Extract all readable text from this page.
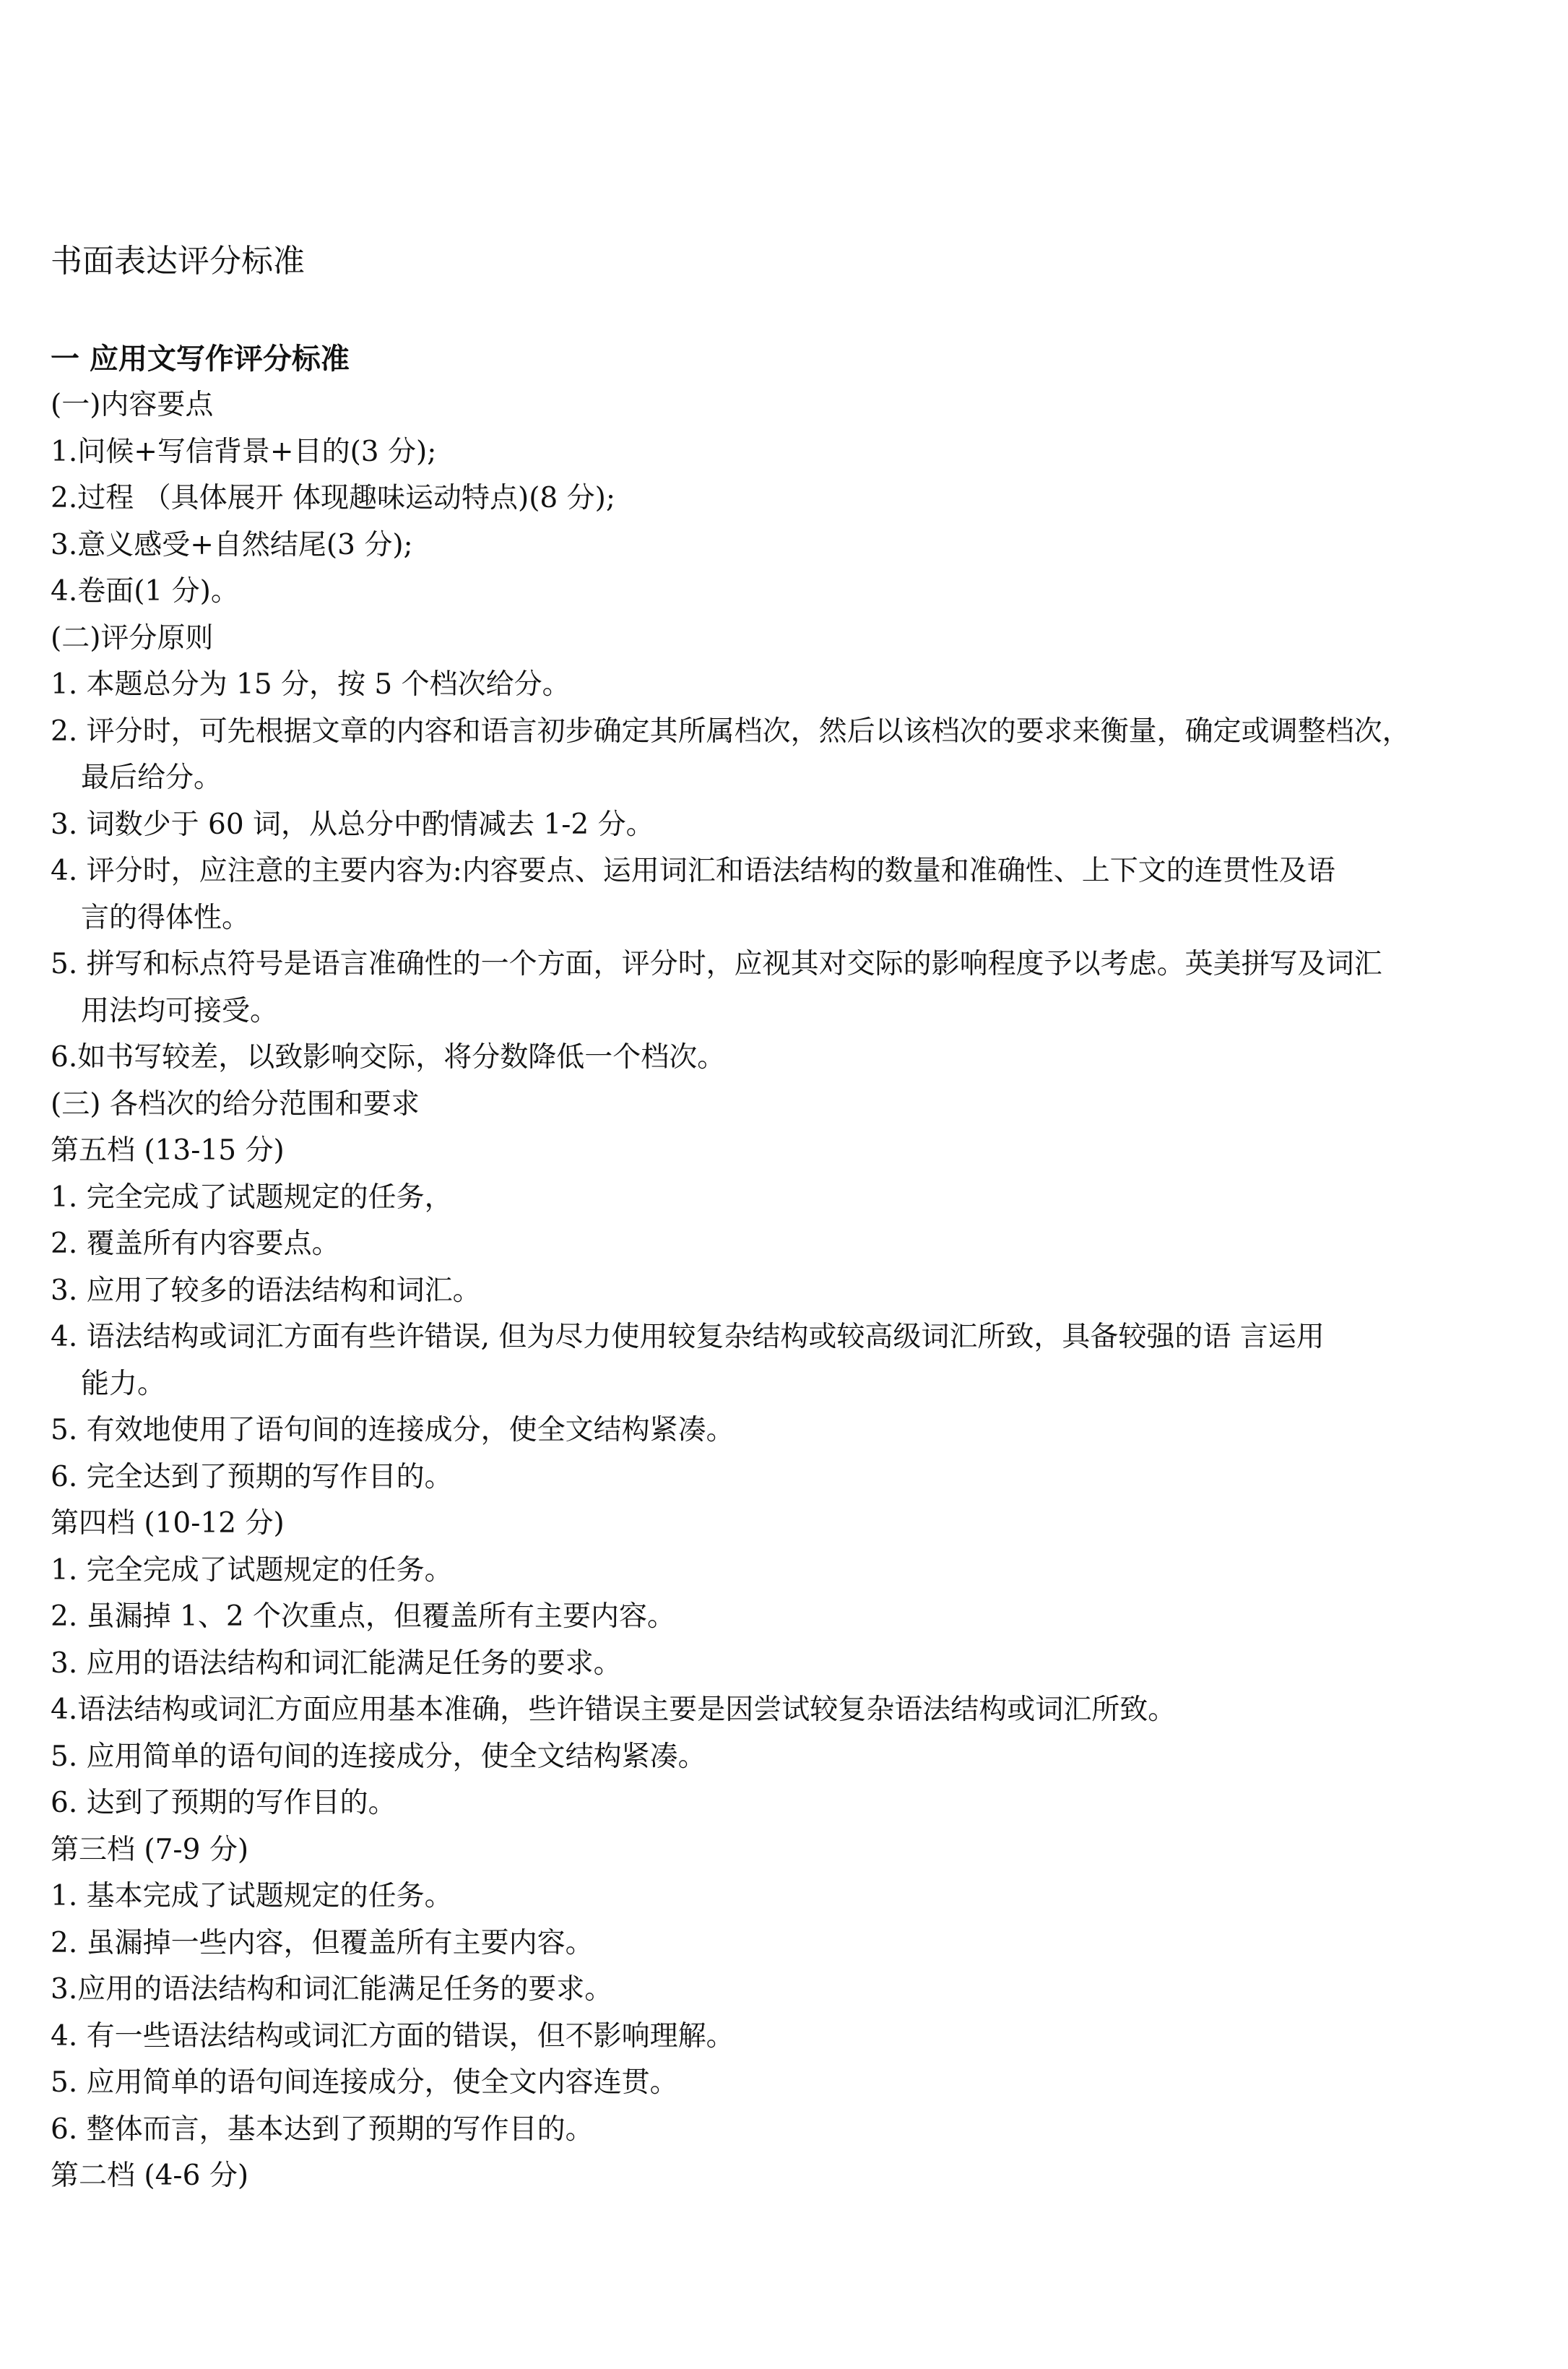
书面表达评分标准
一 应用文写作评分标准
(一)内容要点
1.问候+写信背景+目的(3 分);
2.过程 （具体展开 体现趣味运动特点)(8 分);
3.意义感受+自然结尾(3 分);
4.卷面(1 分)。
(二)评分原则
1. 本题总分为 15 分，按 5 个档次给分。
2. 评分时，可先根据文章的内容和语言初步确定其所属档次，然后以该档次的要求来衡量，确定或调整档次，
最后给分。
3. 词数少于 60 词，从总分中酌情减去 1-2 分。
4. 评分时，应注意的主要内容为:内容要点、运用词汇和语法结构的数量和准确性、上下文的连贯性及语
言的得体性。
5. 拼写和标点符号是语言准确性的一个方面，评分时，应视其对交际的影响程度予以考虑。英美拼写及词汇
用法均可接受。
6.如书写较差，以致影响交际，将分数降低一个档次。
(三) 各档次的给分范围和要求
第五档 (13-15 分)
1. 完全完成了试题规定的任务，
2. 覆盖所有内容要点。
3. 应用了较多的语法结构和词汇。
4. 语法结构或词汇方面有些许错误, 但为尽力使用较复杂结构或较高级词汇所致，具备较强的语 言运用
能力。
5. 有效地使用了语句间的连接成分，使全文结构紧凑。
6. 完全达到了预期的写作目的。
第四档 (10-12 分)
1. 完全完成了试题规定的任务。
2. 虽漏掉 1、2 个次重点，但覆盖所有主要内容。
3. 应用的语法结构和词汇能满足任务的要求。
4.语法结构或词汇方面应用基本准确，些许错误主要是因尝试较复杂语法结构或词汇所致。
5. 应用简单的语句间的连接成分，使全文结构紧凑。
6. 达到了预期的写作目的。
第三档 (7-9 分)
1. 基本完成了试题规定的任务。
2. 虽漏掉一些内容，但覆盖所有主要内容。
3.应用的语法结构和词汇能满足任务的要求。
4. 有一些语法结构或词汇方面的错误，但不影响理解。
5. 应用简单的语句间连接成分，使全文内容连贯。
6. 整体而言，基本达到了预期的写作目的。
第二档 (4-6 分)
